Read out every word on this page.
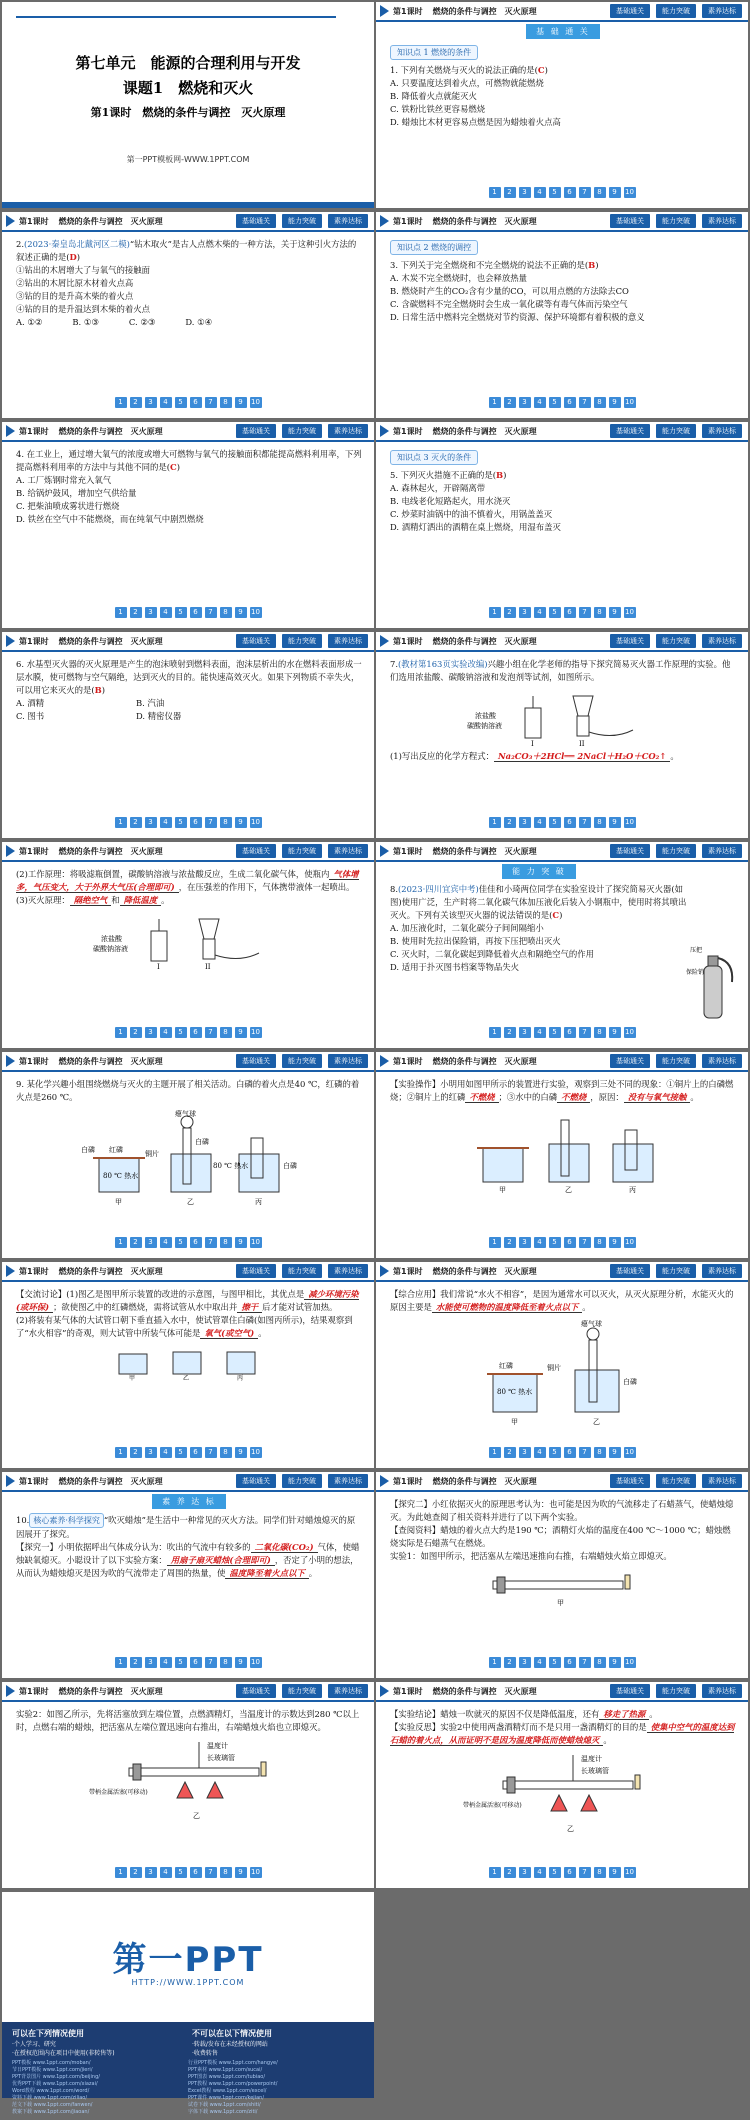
第七单元　能源的合理利用与开发
课题1　燃烧和灭火
第1课时　燃烧的条件与调控　灭火原理
第一PPT模板网-WWW.1PPT.COM
第1课时 燃烧的条件与调控　灭火原理	基础通关	能力突破	素养达标
基 础 通 关
知识点 1 燃烧的条件

1. 下列有关燃烧与灭火的说法正确的是(C)

A. 只要温度达到着火点，可燃物就能燃烧

B. 降低着火点就能灭火

C. 铁粉比铁丝更容易燃烧

D. 蜡烛比木材更容易点燃是因为蜡烛着火点高

1	2	3	4	5	6	7	8	9	10
第1课时 燃烧的条件与调控　灭火原理	基础通关	能力突破	素养达标

2.(2023·秦皇岛北戴河区二模)“钻木取火”是古人点燃木柴的一种方法，关于这种引火方法的叙述正确的是(D)

①钻出的木屑增大了与氧气的接触面

②钻出的木屑比原木材着火点高

③钻的目的是升高木柴的着火点

④钻的目的是升温达到木柴的着火点

A. ①②	B. ①③	C. ②③	D. ①④

1	2	3	4	5	6	7	8	9	10
第1课时 燃烧的条件与调控　灭火原理	基础通关	能力突破	素养达标
知识点 2 燃烧的调控

3. 下列关于完全燃烧和不完全燃烧的说法不正确的是(B)

A. 木炭不完全燃烧时，也会释放热量

B. 燃烧时产生的CO₂含有少量的CO，可以用点燃的方法除去CO

C. 含碳燃料不完全燃烧时会生成一氧化碳等有毒气体而污染空气

D. 日常生活中燃料完全燃烧对节约资源、保护环境都有着积极的意义

1	2	3	4	5	6	7	8	9	10
第1课时 燃烧的条件与调控　灭火原理	基础通关	能力突破	素养达标

4. 在工业上，通过增大氧气的浓度或增大可燃物与氧气的接触面积都能提高燃料利用率，下列提高燃料利用率的方法中与其他不同的是(C)

A. 工厂炼钢时常充入氧气

B. 给锅炉鼓风，增加空气供给量

C. 把柴油喷成雾状进行燃烧

D. 铁丝在空气中不能燃烧，而在纯氧气中剧烈燃烧

1	2	3	4	5	6	7	8	9	10
第1课时 燃烧的条件与调控　灭火原理	基础通关	能力突破	素养达标
知识点 3 灭火的条件

5. 下列灭火措施不正确的是(B)

A. 森林起火，开辟隔离带

B. 电线老化短路起火，用水浇灭

C. 炒菜时油锅中的油不慎着火，用锅盖盖灭

D. 酒精灯洒出的酒精在桌上燃烧，用湿布盖灭

1	2	3	4	5	6	7	8	9	10
第1课时 燃烧的条件与调控　灭火原理	基础通关	能力突破	素养达标

6. 水基型灭火器的灭火原理是产生的泡沫喷射到燃料表面，泡沫层析出的水在燃料表面形成一层水膜，使可燃物与空气隔绝，达到灭火的目的。能快速高效灭火。如果下列物质不幸失火，可以用它来灭火的是(B)

A. 酒精	B. 汽油

C. 图书	D. 精密仪器

1	2	3	4	5	6	7	8	9	10
第1课时 燃烧的条件与调控　灭火原理	基础通关	能力突破	素养达标

7.(教材第163页实验改编)兴趣小组在化学老师的指导下探究简易灭火器工作原理的实验。他们选用浓盐酸、碳酸钠溶液和发泡剂等试剂，如图所示。

浓盐酸
碳酸钠溶液
I	II

(1)写出反应的化学方程式： Na₂CO₃＋2HCl══ 2NaCl＋H₂O＋CO₂↑ 。

1	2	3	4	5	6	7	8	9	10
第1课时 燃烧的条件与调控　灭火原理	基础通关	能力突破	素养达标

(2)工作原理：将吸滤瓶倒置，碳酸钠溶液与浓盐酸反应，生成二氧化碳气体，使瓶内 气体增多，气压变大，大于外界大气压(合理即可) ，在压强差的作用下，气体携带液体一起喷出。

(3)灭火原理： 隔绝空气 和 降低温度 。

浓盐酸
碳酸钠溶液
I	II
1	2	3	4	5	6	7	8	9	10
第1课时 燃烧的条件与调控　灭火原理	基础通关	能力突破	素养达标
能 力 突 破

8.(2023·四川宜宾中考)佳佳和小琦两位同学在实验室设计了探究简易灭火器(如图)使用广泛，生产时将二氧化碳气体加压液化后装入小钢瓶中，使用时将其喷出灭火。下列有关该型灭火器的说法错误的是(C)

A. 加压液化时，二氧化碳分子间间隔缩小

B. 使用时先拉出保险销，再按下压把喷出灭火

C. 灭火时，二氧化碳起到降低着火点和隔绝空气的作用

D. 适用于扑灭图书档案等物品失火

压把
保险销
1	2	3	4	5	6	7	8	9	10
第1课时 燃烧的条件与调控　灭火原理	基础通关	能力突破	素养达标

9. 某化学兴趣小组围绕燃烧与灭火的主题开展了相关活动。白磷的着火点是40 ℃，红磷的着火点是260 ℃。

瘪气球
红磷
白磷	铜片
80 ℃ 热水
白磷
80 ℃ 热水	白磷
甲	乙	丙
1	2	3	4	5	6	7	8	9	10
第1课时 燃烧的条件与调控　灭火原理	基础通关	能力突破	素养达标

【实验操作】小明用如图甲所示的装置进行实验，观察到三处不同的现象：①铜片上的白磷燃烧；②铜片上的红磷 不燃烧 ；③水中的白磷 不燃烧 ，原因： 没有与氧气接触 。

甲	乙	丙
1	2	3	4	5	6	7	8	9	10
第1课时 燃烧的条件与调控　灭火原理	基础通关	能力突破	素养达标

【交流讨论】(1)图乙是图甲所示装置的改进的示意图，与图甲相比，其优点是 减少环境污染(或环保) ；欲使图乙中的红磷燃烧，需将试管从水中取出并 擦干 后才能对试管加热。

(2)将装有某气体的大试管口朝下垂直插入水中，使试管罩住白磷(如图丙所示)，结果观察到了“水火相容”的奇观，则大试管中所装气体可能是 氧气(或空气) 。

甲	乙	丙
1	2	3	4	5	6	7	8	9	10
第1课时 燃烧的条件与调控　灭火原理	基础通关	能力突破	素养达标

【综合应用】我们常说“水火不相容”，是因为通常水可以灭火，从灭火原理分析，水能灭火的原因主要是 水能使可燃物的温度降低至着火点以下 。

瘪气球
红磷	铜片
80 ℃ 热水
白磷
甲	乙
1	2	3	4	5	6	7	8	9	10
第1课时 燃烧的条件与调控　灭火原理	基础通关	能力突破	素养达标
素 养 达 标

10. 核心素养·科学探究 “吹灭蜡烛”是生活中一种常见的灭火方法。同学们针对蜡烛熄灭的原因展开了探究。

【探究一】小明依据呼出气体成分认为：吹出的气流中有较多的 二氧化碳(CO₂) 气体，使蜡烛缺氧熄灭。小聪设计了以下实验方案： 用扇子扇灭蜡烛(合理即可) ，否定了小明的想法，从而认为蜡烛熄灭是因为吹的气流带走了周围的热量，使 温度降至着火点以下 。

1	2	3	4	5	6	7	8	9	10
第1课时 燃烧的条件与调控　灭火原理	基础通关	能力突破	素养达标

【探究二】小红依据灭火的原理思考认为：也可能是因为吹的气流移走了石蜡蒸气，使蜡烛熄灭。为此她查阅了相关资料并进行了以下两个实验。

【查阅资料】蜡烛的着火点大约是190 ℃；酒精灯火焰的温度在400 ℃～1000 ℃；蜡烛燃烧实际是石蜡蒸气在燃烧。

实验1：如图甲所示，把活塞从左端迅速推向右推，右端蜡烛火焰立即熄灭。

甲
1	2	3	4	5	6	7	8	9	10
第1课时 燃烧的条件与调控　灭火原理	基础通关	能力突破	素养达标

实验2：如图乙所示，先将活塞放到左端位置，点燃酒精灯，当温度计的示数达到280 ℃以上时，点燃右端的蜡烛，把活塞从左端位置迅速向右推出，右端蜡烛火焰也立即熄灭。

温度计
长玻璃管
带柄金属活塞(可移动)
乙
1	2	3	4	5	6	7	8	9	10
第1课时 燃烧的条件与调控　灭火原理	基础通关	能力突破	素养达标

【实验结论】蜡烛一吹就灭的原因不仅是降低温度，还有 移走了热源 。

【实验反思】实验2中使用两盏酒精灯而不是只用一盏酒精灯的目的是 使集中空气的温度达到石蜡的着火点，从而证明不是因为温度降低而使蜡烛熄灭 。

温度计
长玻璃管
带柄金属活塞(可移动)
乙
1	2	3	4	5	6	7	8	9	10
第一PPT
HTTP://WWW.1PPT.COM
可以在下列情况使用
·个人学习、研究
·在授权范围内在项目中使用(非转售等)
不可以在以下情况使用
·转载/发布在未经授权的网站
·收费转售
PPT模板 www.1ppt.com/moban/	行业PPT模板 www.1ppt.com/hangye/
节日PPT模板 www.1ppt.com/jieri/	PPT素材 www.1ppt.com/sucai/
PPT背景图片 www.1ppt.com/beijing/	PPT图表 www.1ppt.com/tubiao/
优秀PPT下载 www.1ppt.com/xiazai/	PPT教程 www.1ppt.com/powerpoint/
Word教程 www.1ppt.com/word/	Excel教程 www.1ppt.com/excel/
资料下载 www.1ppt.com/ziliao/	PPT课件 www.1ppt.com/kejian/
范文下载 www.1ppt.com/fanwen/	试卷下载 www.1ppt.com/shiti/
教案下载 www.1ppt.com/jiaoan/	字体下载 www.1ppt.com/ziti/
